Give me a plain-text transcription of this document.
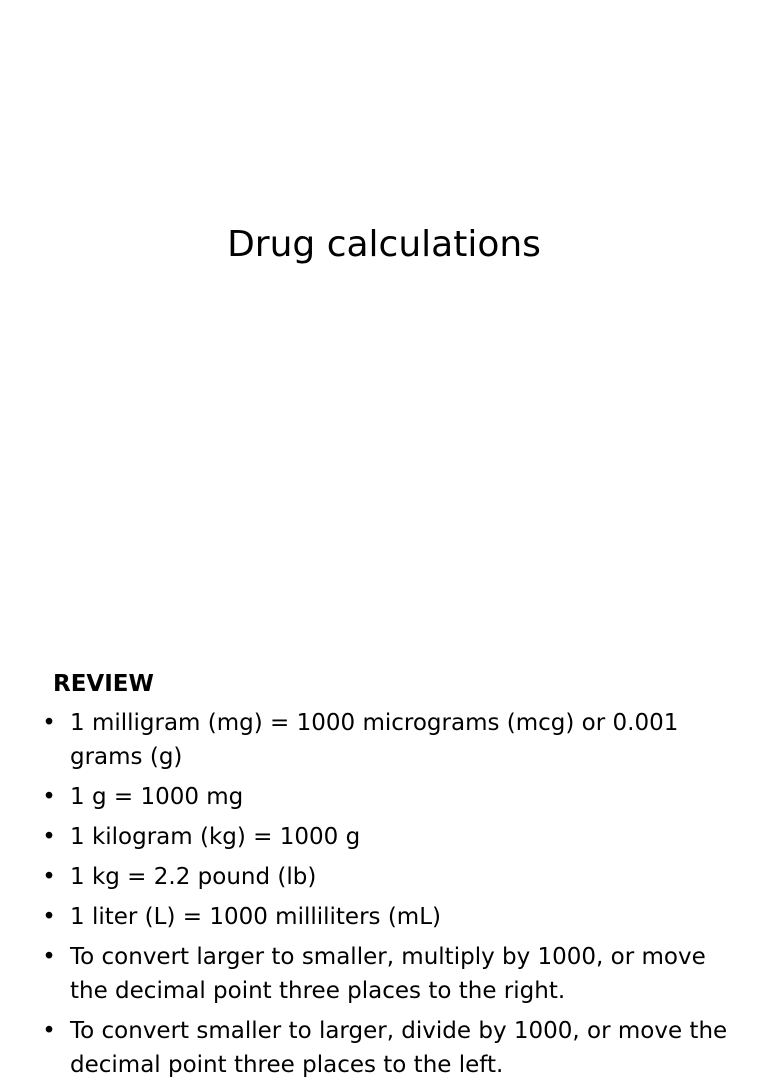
Drug calculations
REVIEW
• 1 milligram (mg) = 1000 micrograms (mcg) or 0.001 grams (g)
• 1 g = 1000 mg
• 1 kilogram (kg) = 1000 g
• 1 kg = 2.2 pound (lb)
• 1 liter (L) = 1000 milliliters (mL)
• To convert larger to smaller, multiply by 1000, or move the decimal point three places to the right.
• To convert smaller to larger, divide by 1000, or move the decimal point three places to the left.
